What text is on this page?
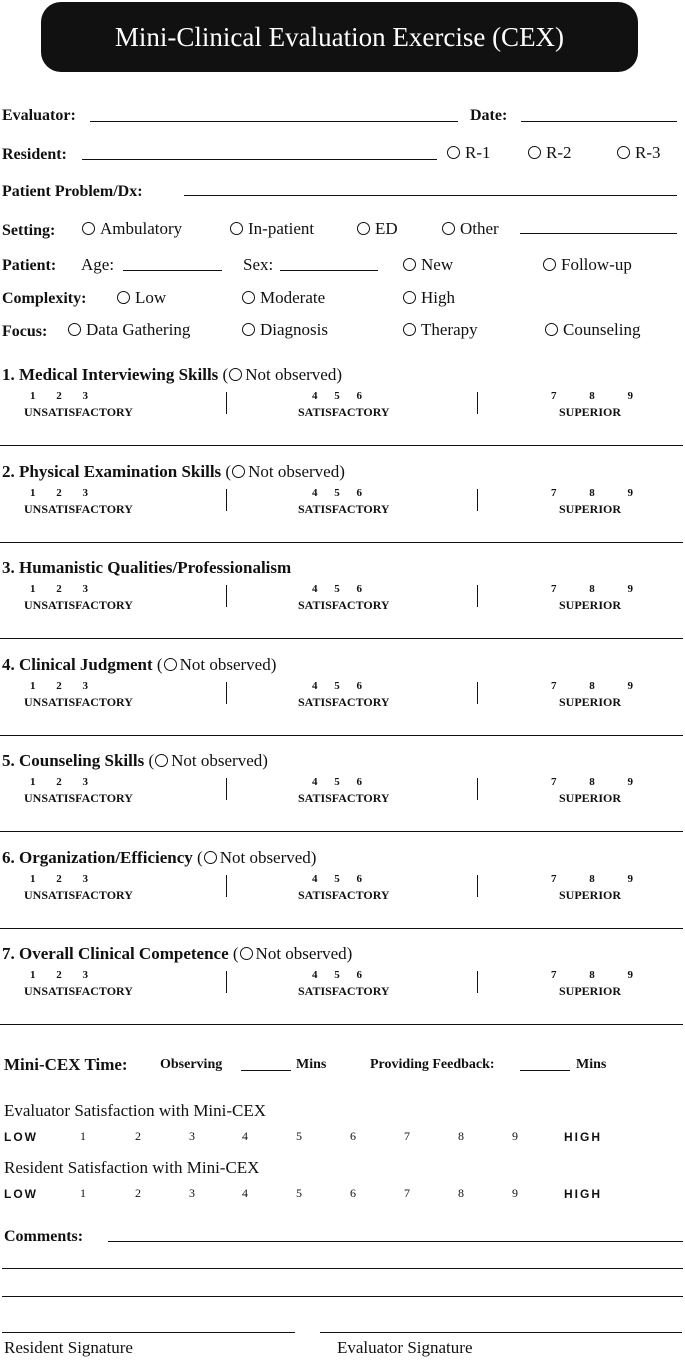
Mini-Clinical Evaluation Exercise (CEX)
Evaluator:	Date:
Resident:	R-1	R-2	R-3
Patient Problem/Dx:
Setting:	Ambulatory	In-patient	ED	Other
Patient: Age:	Sex:	New	Follow-up
Complexity:	Low	Moderate	High
Focus:	Data Gathering	Diagnosis	Therapy	Counseling
1. Medical Interviewing Skills ( Not observed)
1 2 3
UNSATISFACTORY
4 5 6
SATISFACTORY
7	8	9
SUPERIOR
2. Physical Examination Skills ( Not observed)
1 2 3
UNSATISFACTORY
4 5 6
SATISFACTORY
7	8	9
SUPERIOR
3. Humanistic Qualities/Professionalism
1 2 3
UNSATISFACTORY
4 5 6
SATISFACTORY
7	8	9
SUPERIOR
4. Clinical Judgment ( Not observed)
1 2 3
UNSATISFACTORY
4 5 6
SATISFACTORY
7	8	9
SUPERIOR
5. Counseling Skills ( Not observed)
1 2 3
UNSATISFACTORY
4 5 6
SATISFACTORY
7	8	9
SUPERIOR
6. Organization/Efficiency ( Not observed)
1 2 3
UNSATISFACTORY
4 5 6
SATISFACTORY
7	8	9
SUPERIOR
7. Overall Clinical Competence ( Not observed)
1 2 3
UNSATISFACTORY
4 5 6
SATISFACTORY
7	8	9
SUPERIOR
Mini-CEX Time: Observing	Mins	Providing Feedback:	Mins
Evaluator Satisfaction with Mini-CEX
LOW	1	2	3	4	5	6	7	8	9	HIGH
Resident Satisfaction with Mini-CEX
LOW	1	2	3	4	5	6	7	8	9	HIGH
Comments:
Resident Signature	Evaluator Signature
